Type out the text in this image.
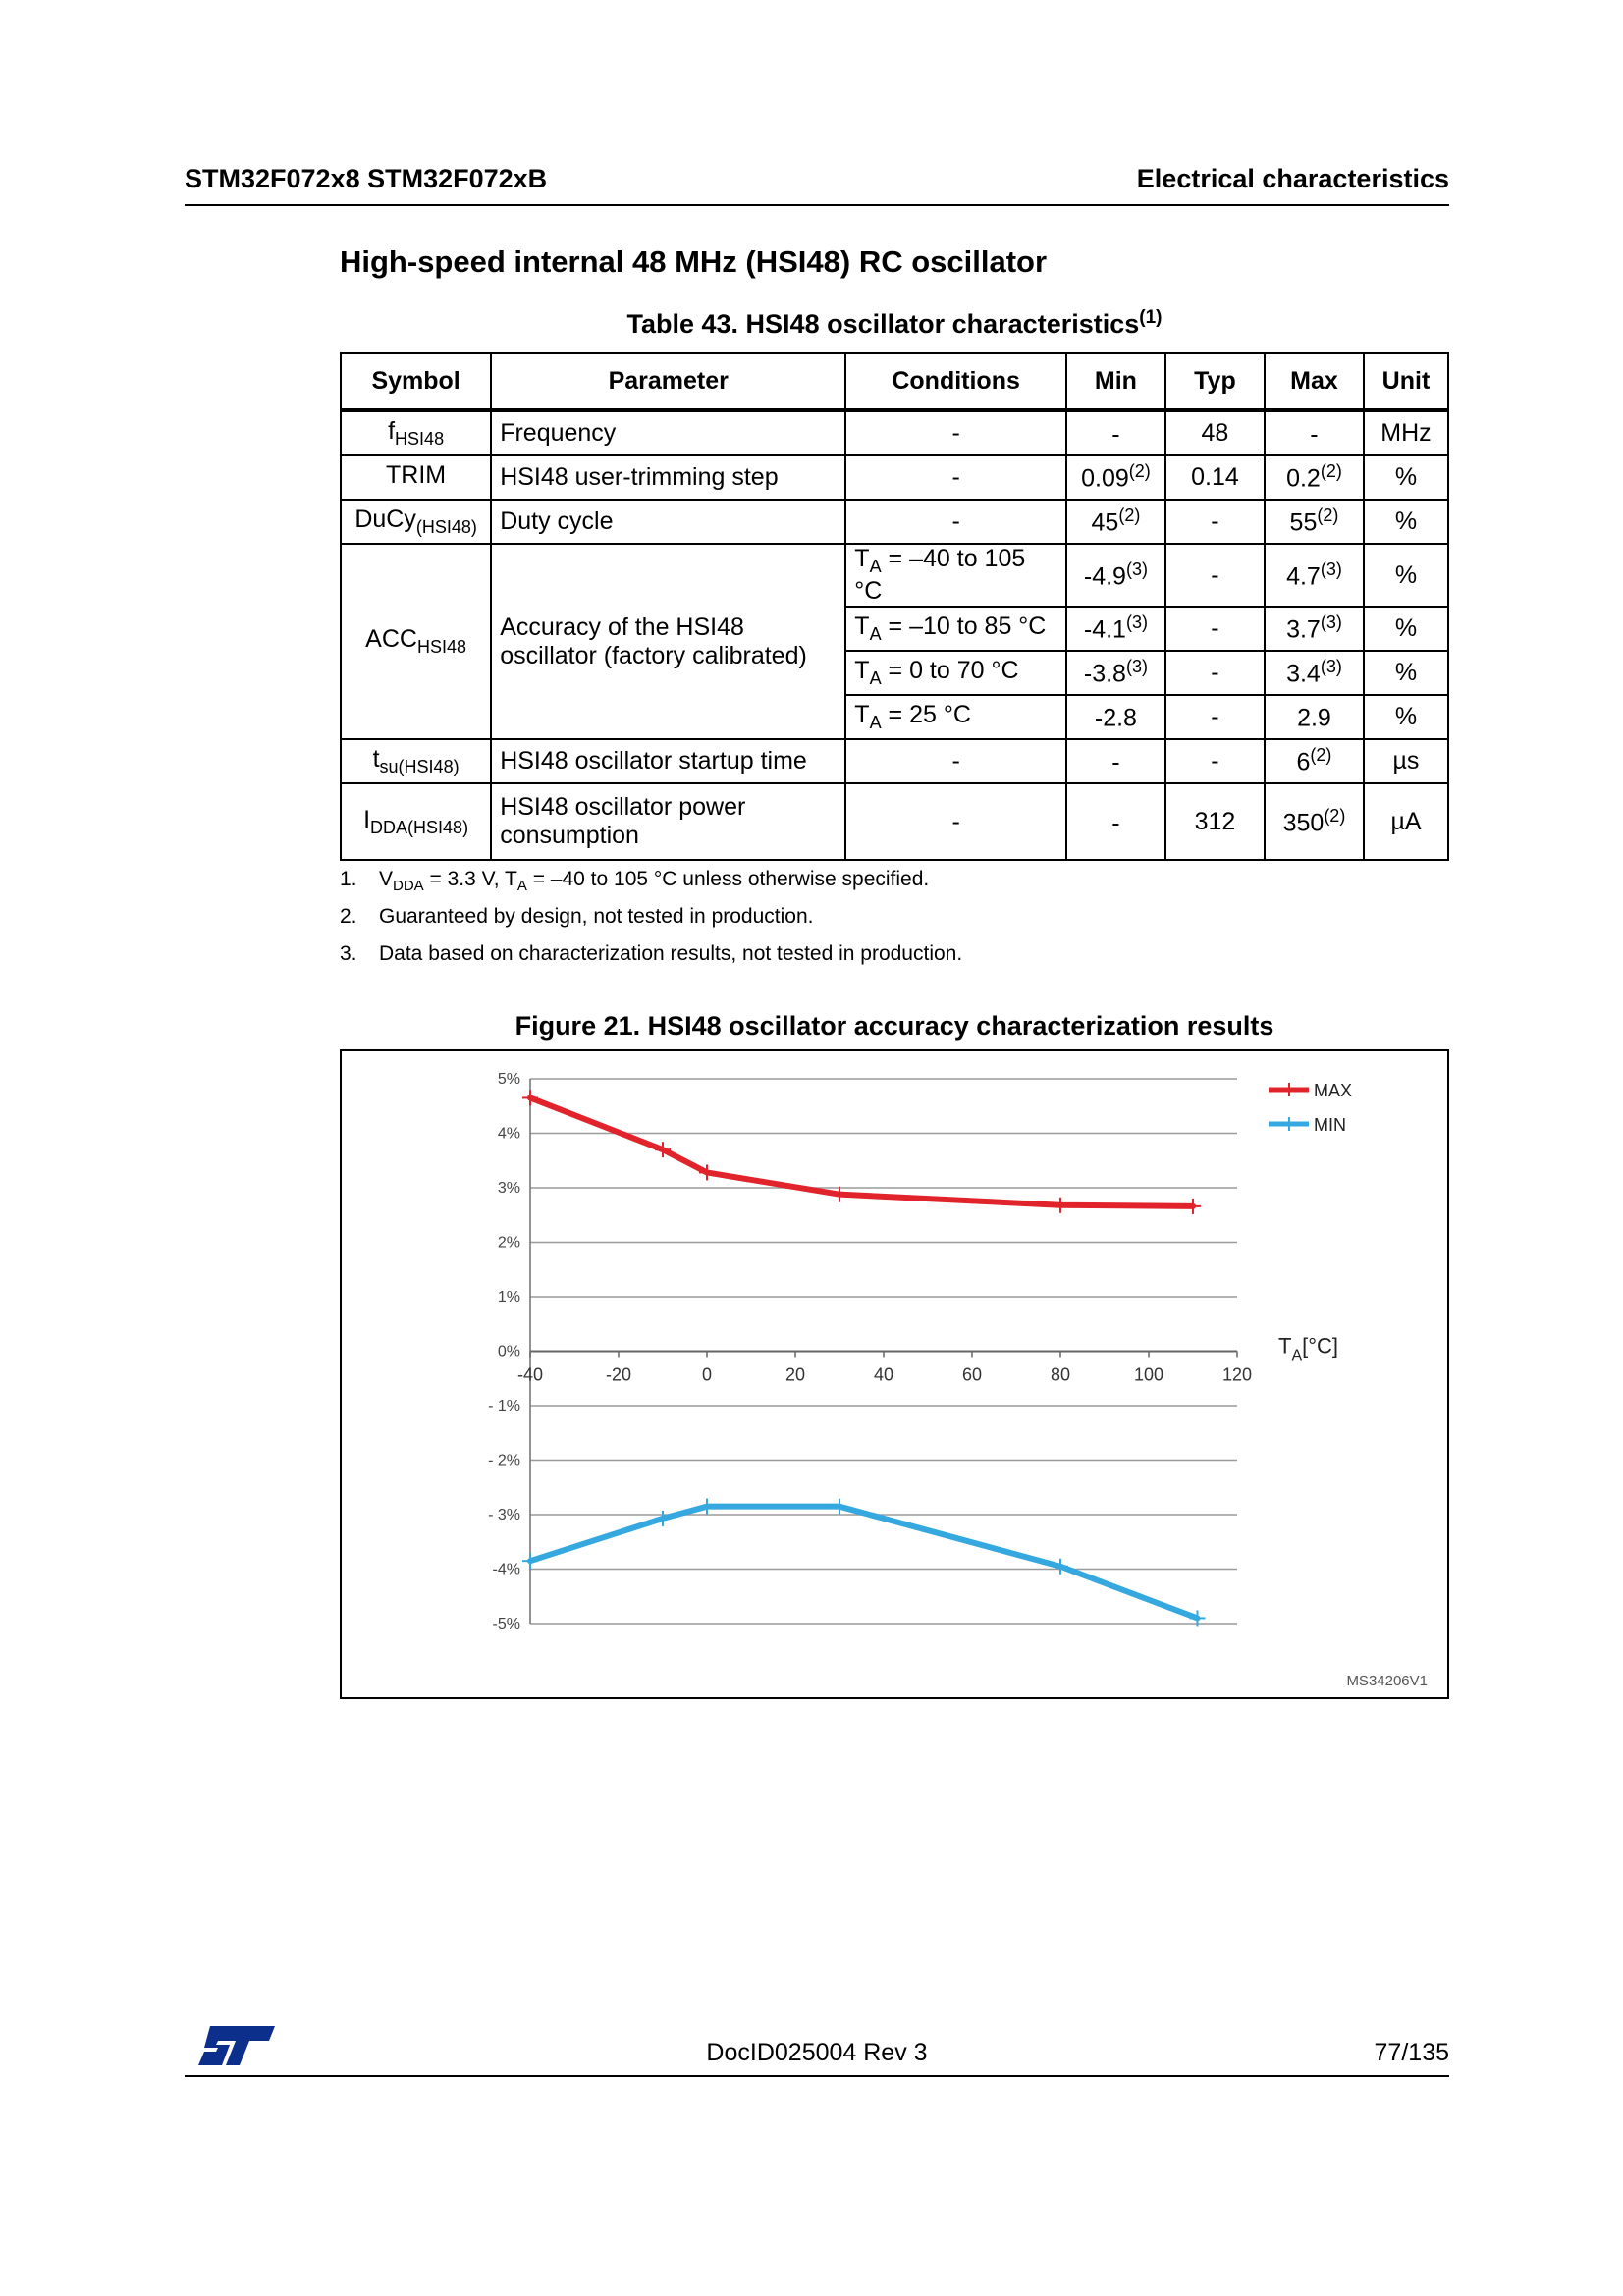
STM32F072x8 STM32F072xB	Electrical characteristics
High-speed internal 48 MHz (HSI48) RC oscillator
Table 43. HSI48 oscillator characteristics$^{(1)}$
Symbol	Parameter	Conditions	Min	Typ	Max	Unit
$f_{HSI48}$	Frequency	-	-	48	-	MHz
TRIM	HSI48 user-trimming step	-	0.09$^{(2)}$	0.14	0.2$^{(2)}$	%
DuCy$_{(HSI48)}$	Duty cycle	-	45$^{(2)}$	-	55$^{(2)}$	%
$ACC_{HSI48}$	Accuracy of the HSI48 oscillator (factory calibrated)	$T_A = -40$ to 105 °C	-4.9$^{(3)}$	-	4.7$^{(3)}$	%
		$T_A = -10$ to 85 °C	-4.1$^{(3)}$	-	3.7$^{(3)}$	%
		$T_A = 0$ to 70 °C	-3.8$^{(3)}$	-	3.4$^{(3)}$	%
		$T_A = 25$ °C	-2.8	-	2.9	%
$t_{su(HSI48)}$	HSI48 oscillator startup time	-	-	-	6$^{(2)}$	µs
$I_{DDA(HSI48)}$	HSI48 oscillator power consumption	-	-	312	350$^{(2)}$	µA
1. $V_{DDA} = 3.3$ V, $T_A = -40$ to 105 °C unless otherwise specified.
2. Guaranteed by design, not tested in production.
3. Data based on characterization results, not tested in production.
Figure 21. HSI48 oscillator accuracy characterization results
5%
4%
3%
2%
1%
0%
- 1%
- 2%
- 3%
-4%
-5%
-40	-20	0	20	40	60	80	100	120
MAX
MIN
$T_A[^\circ C]$
MS34206V1
DocID025004 Rev 3	77/135
